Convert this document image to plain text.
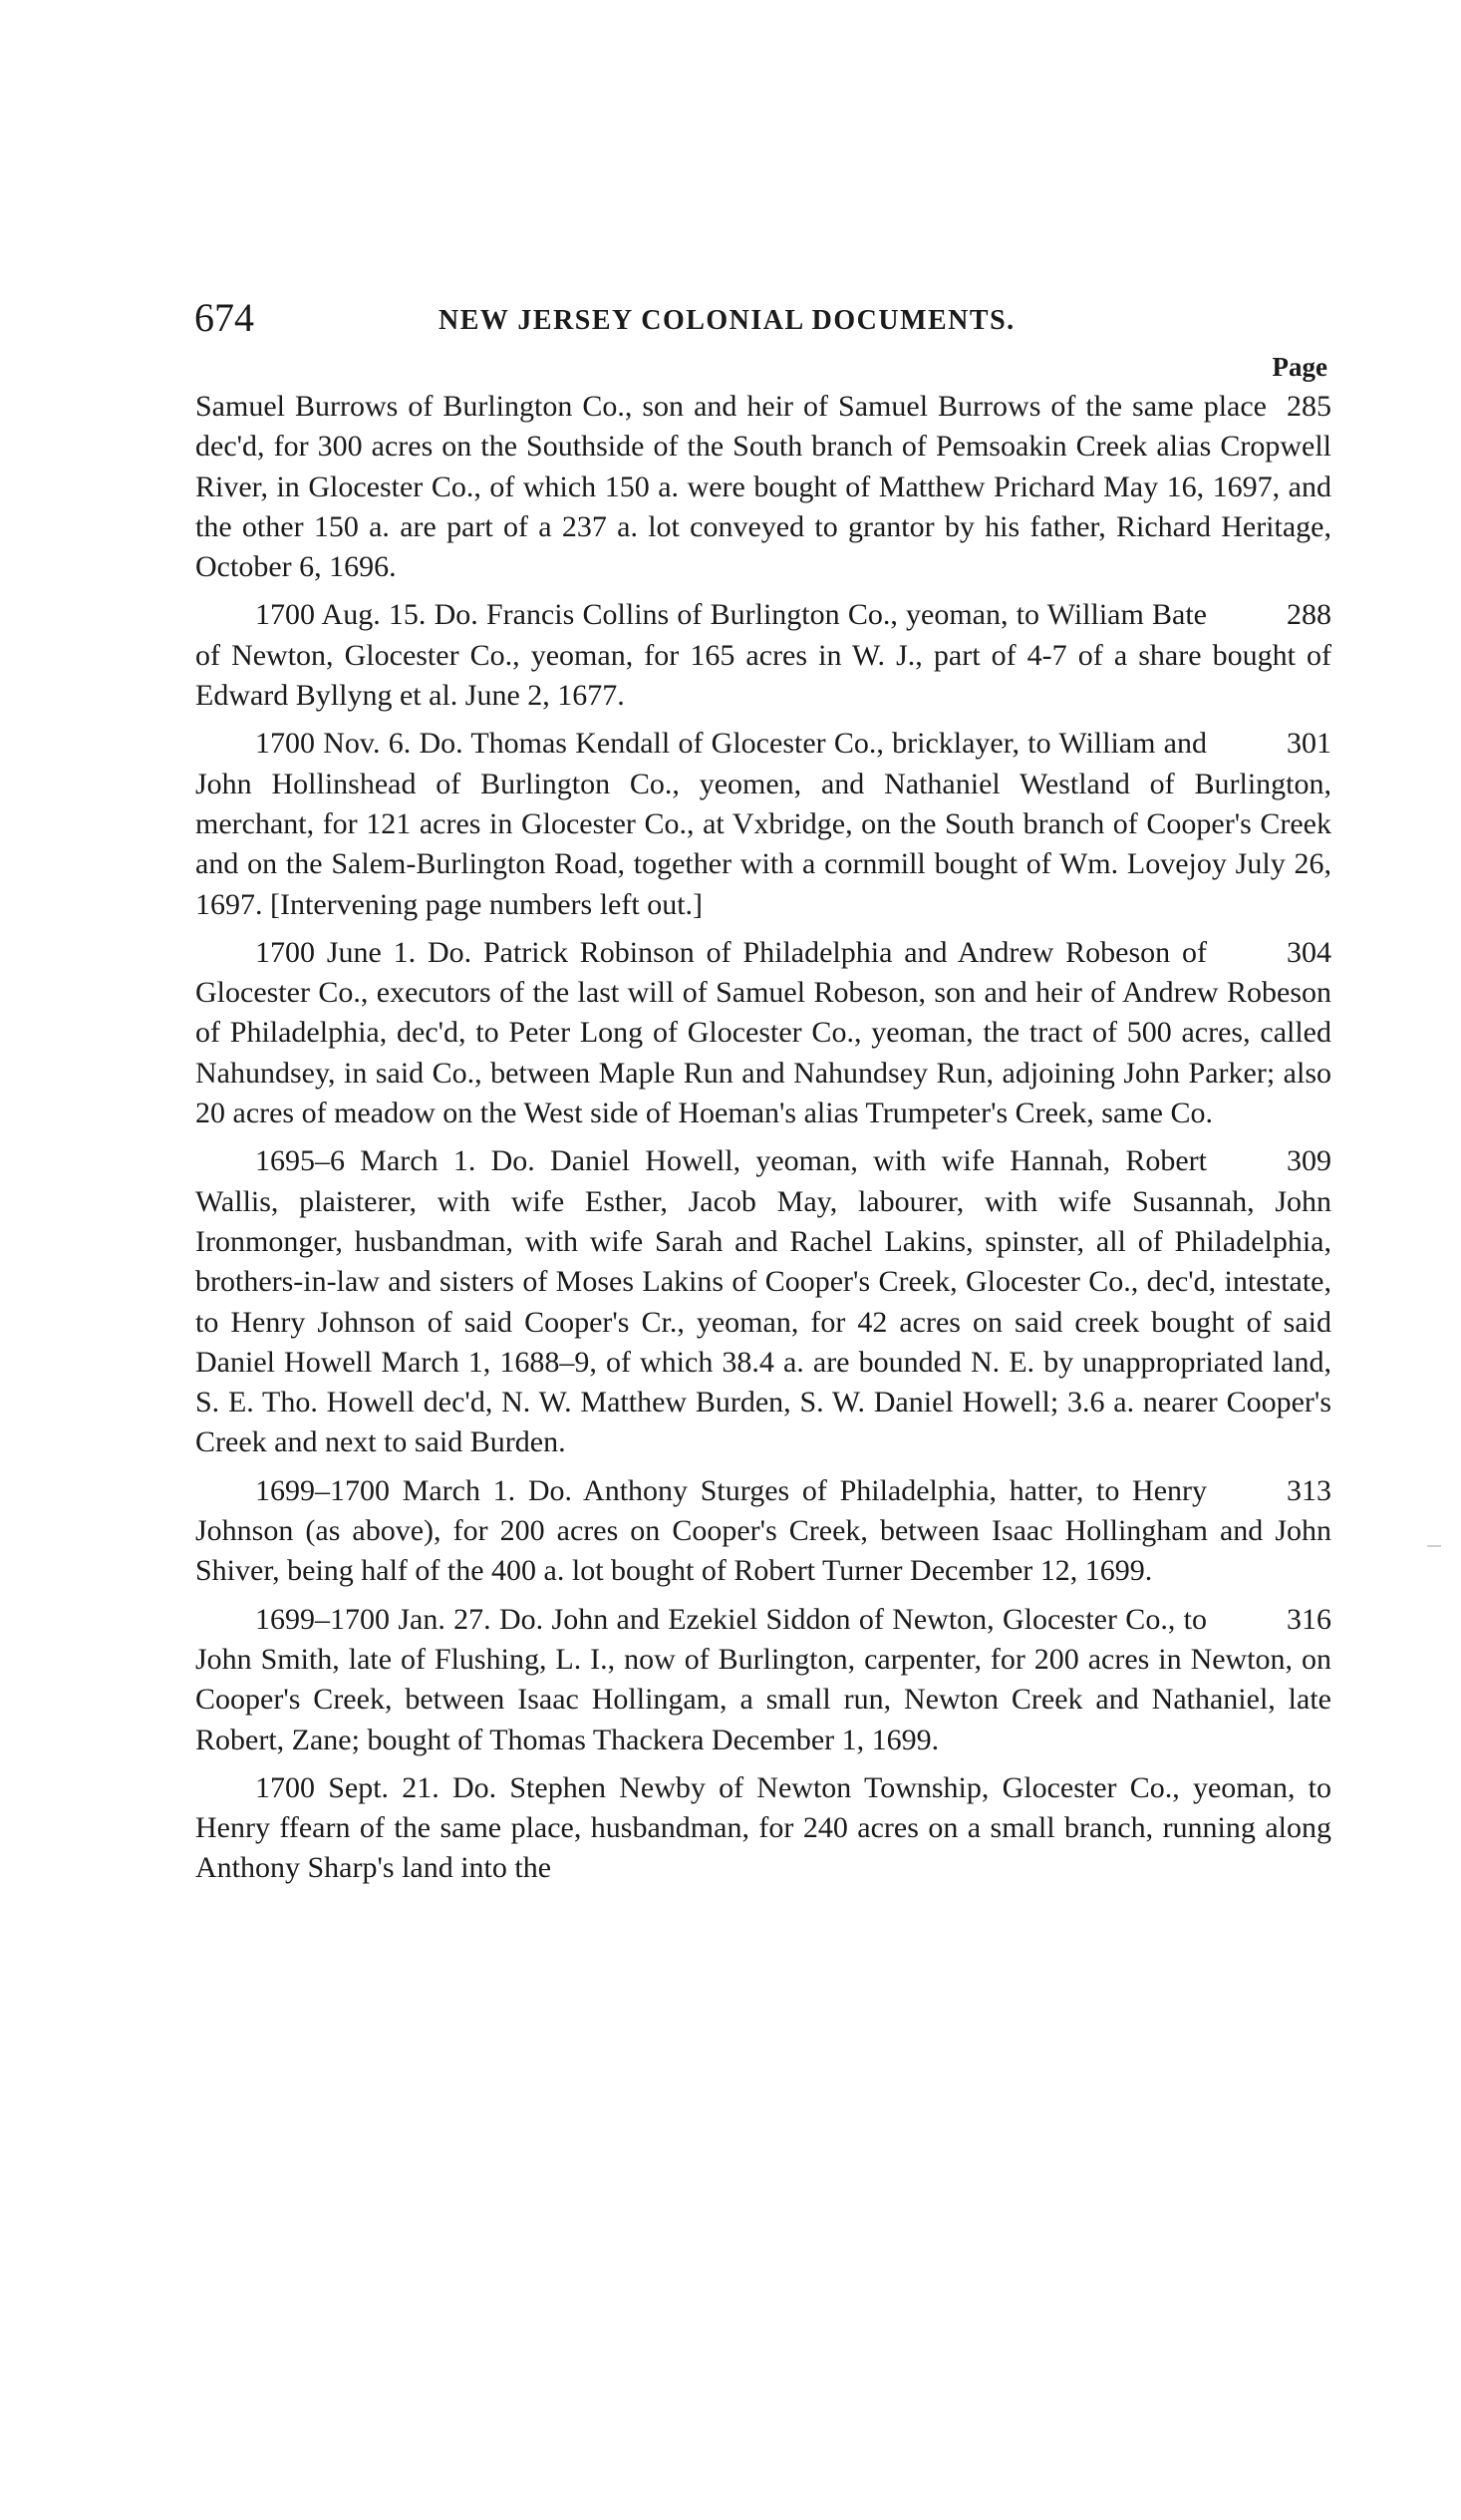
674	NEW JERSEY COLONIAL DOCUMENTS.
Page

285
Samuel Burrows of Burlington Co., son and heir of Samuel Burrows of the same place dec'd, for 300 acres on the Southside of the South branch of Pemsoakin Creek alias Cropwell River, in Glocester Co., of which 150 a. were bought of Matthew Prichard May 16, 1697, and the other 150 a. are part of a 237 a. lot conveyed to grantor by his father, Richard Heritage, October 6, 1696.

288
1700 Aug. 15. Do. Francis Collins of Burlington Co., yeoman, to William Bate of Newton, Glocester Co., yeoman, for 165 acres in W. J., part of 4-7 of a share bought of Edward Byllyng et al. June 2, 1677.

301
1700 Nov. 6. Do. Thomas Kendall of Glocester Co., bricklayer, to William and John Hollinshead of Burlington Co., yeomen, and Nathaniel Westland of Burlington, merchant, for 121 acres in Glocester Co., at Vxbridge, on the South branch of Cooper's Creek and on the Salem-Burlington Road, together with a cornmill bought of Wm. Lovejoy July 26, 1697. [Intervening page numbers left out.]

304
1700 June 1. Do. Patrick Robinson of Philadelphia and Andrew Robeson of Glocester Co., executors of the last will of Samuel Robeson, son and heir of Andrew Robeson of Philadelphia, dec'd, to Peter Long of Glocester Co., yeoman, the tract of 500 acres, called Nahundsey, in said Co., between Maple Run and Nahundsey Run, adjoining John Parker; also 20 acres of meadow on the West side of Hoeman's alias Trumpeter's Creek, same Co.

309
1695–6 March 1. Do. Daniel Howell, yeoman, with wife Hannah, Robert Wallis, plaisterer, with wife Esther, Jacob May, labourer, with wife Susannah, John Ironmonger, husbandman, with wife Sarah and Rachel Lakins, spinster, all of Philadelphia, brothers-in-law and sisters of Moses Lakins of Cooper's Creek, Glocester Co., dec'd, intestate, to Henry Johnson of said Cooper's Cr., yeoman, for 42 acres on said creek bought of said Daniel Howell March 1, 1688–9, of which 38.4 a. are bounded N. E. by unappropriated land, S. E. Tho. Howell dec'd, N. W. Matthew Burden, S. W. Daniel Howell; 3.6 a. nearer Cooper's Creek and next to said Burden.

313
1699–1700 March 1. Do. Anthony Sturges of Philadelphia, hatter, to Henry Johnson (as above), for 200 acres on Cooper's Creek, between Isaac Hollingham and John Shiver, being half of the 400 a. lot bought of Robert Turner December 12, 1699.

316
1699–1700 Jan. 27. Do. John and Ezekiel Siddon of Newton, Glocester Co., to John Smith, late of Flushing, L. I., now of Burlington, carpenter, for 200 acres in Newton, on Cooper's Creek, between Isaac Hollingam, a small run, Newton Creek and Nathaniel, late Robert, Zane; bought of Thomas Thackera December 1, 1699.

1700 Sept. 21. Do. Stephen Newby of Newton Township, Glocester Co., yeoman, to Henry ffearn of the same place, husbandman, for 240 acres on a small branch, running along Anthony Sharp's land into the
